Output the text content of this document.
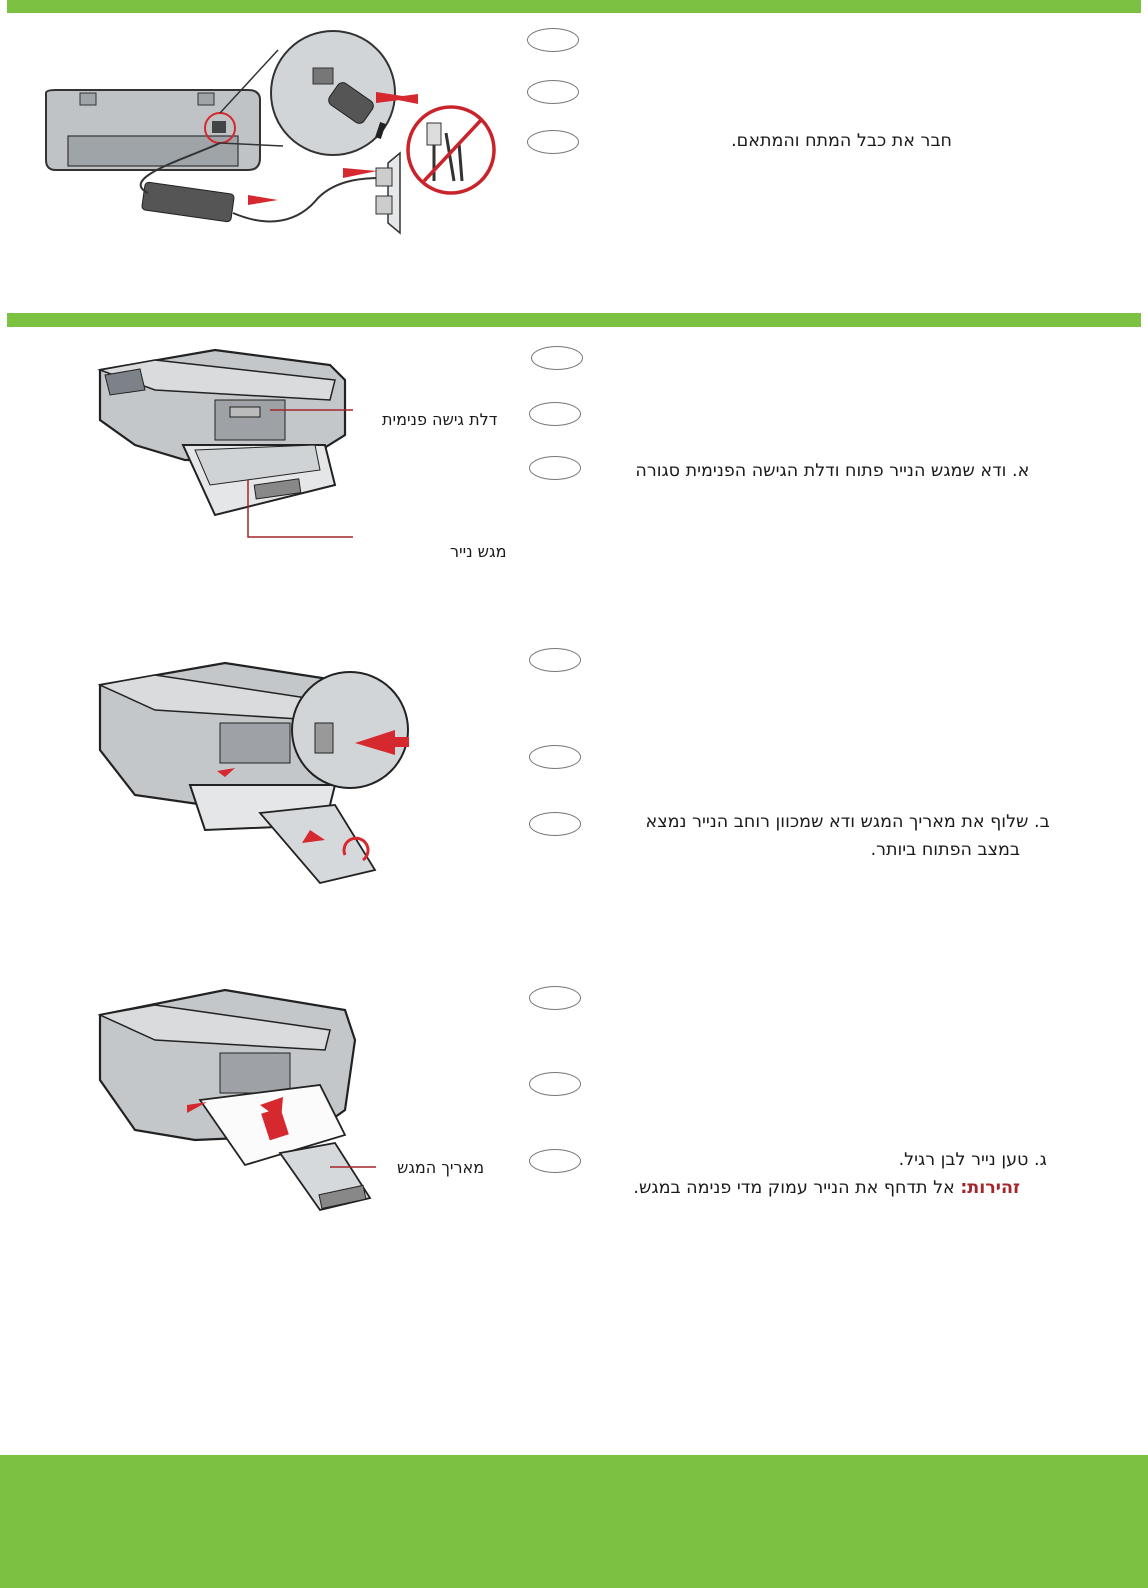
חבר את כבל המתח והמתאם.
דלת גישה פנימית
מגש נייר
א. ודא שמגש הנייר פתוח ודלת הגישה הפנימית סגורה
ב. שלוף את מאריך המגש ודא שמכוון רוחב הנייר נמצא
במצב הפתוח ביותר.
מאריך המגש	ג. טען נייר לבן רגיל.
זהירות: אל תדחף את הנייר עמוק מדי פנימה במגש.
